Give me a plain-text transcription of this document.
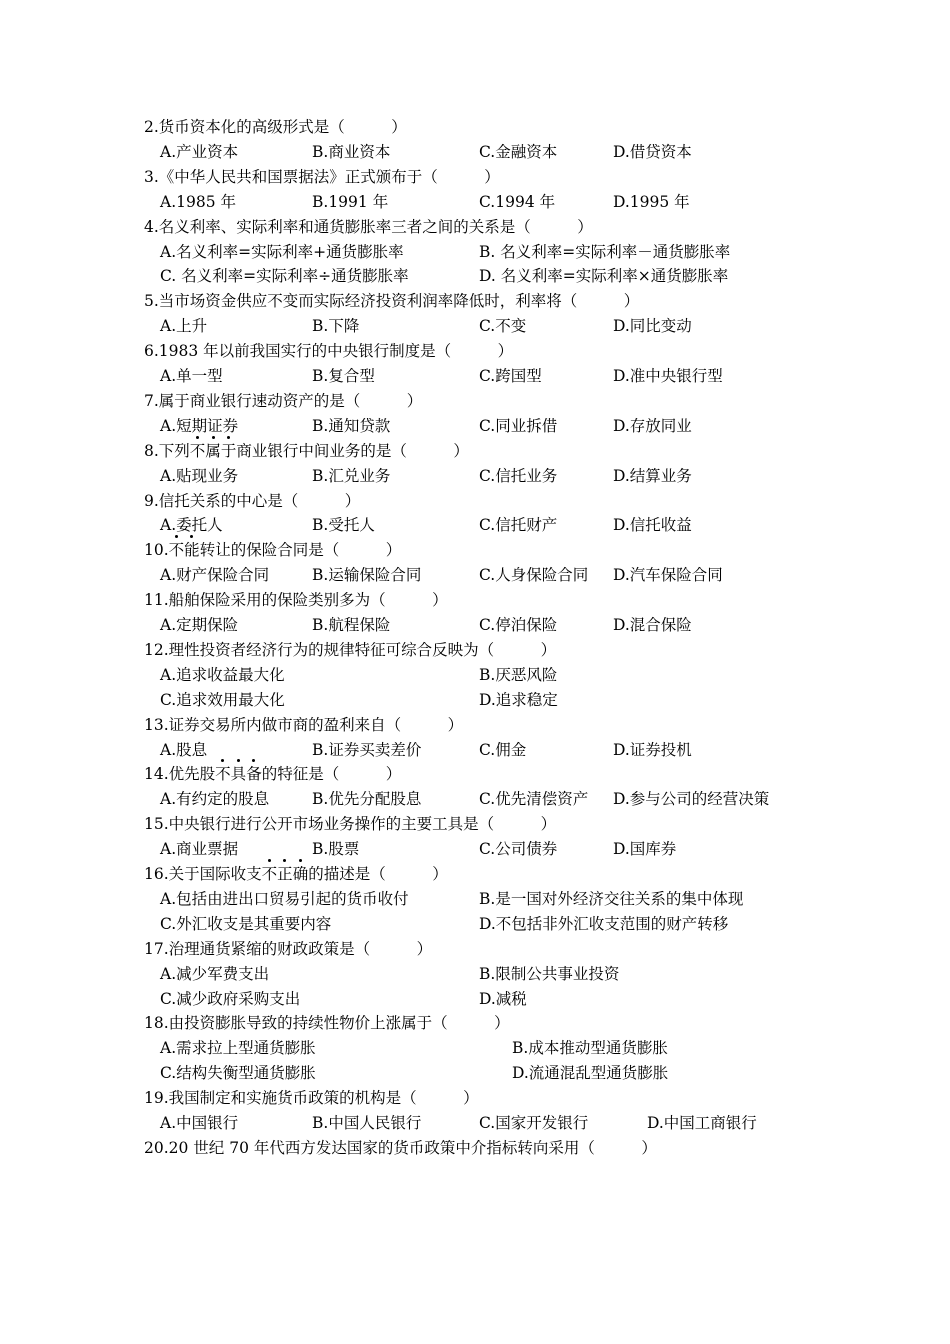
2.货币资本化的高级形式是（　　　）
A.产业资本	B.商业资本	C.金融资本	D.借贷资本
3.《中华人民共和国票据法》正式颁布于（　　　）
A.1985 年	B.1991 年	C.1994 年	D.1995 年
4.名义利率、实际利率和通货膨胀率三者之间的关系是（　　　）
A.名义利率=实际利率+通货膨胀率	B. 名义利率=实际利率－通货膨胀率
C. 名义利率=实际利率÷通货膨胀率	D. 名义利率=实际利率×通货膨胀率
5.当市场资金供应不变而实际经济投资利润率降低时，利率将（　　　）
A.上升	B.下降	C.不变	D.同比变动
6.1983 年以前我国实行的中央银行制度是（　　　）
A.单一型	B.复合型	C.跨国型	D.准中央银行型
7.属于商业银行速动资产的是（　　　）
A.短期证券	B.通知贷款	C.同业拆借	D.存放同业
8.下列不属于商业银行中间业务的是（　　　）
A.贴现业务	B.汇兑业务	C.信托业务	D.结算业务
9.信托关系的中心是（　　　）
A.委托人	B.受托人	C.信托财产	D.信托收益
10.不能转让的保险合同是（　　　）
A.财产保险合同	B.运输保险合同	C.人身保险合同 D.汽车保险合同
11.船舶保险采用的保险类别多为（　　　）
A.定期保险	B.航程保险	C.停泊保险	D.混合保险
12.理性投资者经济行为的规律特征可综合反映为（　　　）
A.追求收益最大化	B.厌恶风险
C.追求效用最大化	D.追求稳定
13.证券交易所内做市商的盈利来自（　　　）
A.股息	B.证券买卖差价	C.佣金	D.证券投机
14.优先股不具备的特征是（　　　）
A.有约定的股息	B.优先分配股息	C.优先清偿资产 D.参与公司的经营决策
15.中央银行进行公开市场业务操作的主要工具是（　　　）
A.商业票据	B.股票	C.公司债券	D.国库券
16.关于国际收支不正确的描述是（　　　）
A.包括由进出口贸易引起的货币收付	B.是一国对外经济交往关系的集中体现
C.外汇收支是其重要内容	D.不包括非外汇收支范围的财产转移
17.治理通货紧缩的财政政策是（　　　）
A.减少军费支出	B.限制公共事业投资
C.减少政府采购支出	D.减税
18.由投资膨胀导致的持续性物价上涨属于（　　　）
A.需求拉上型通货膨胀	B.成本推动型通货膨胀
C.结构失衡型通货膨胀	D.流通混乱型通货膨胀
19.我国制定和实施货币政策的机构是（　　　）
A.中国银行	B.中国人民银行	C.国家开发银行	D.中国工商银行
20.20 世纪 70 年代西方发达国家的货币政策中介指标转向采用（　　　）
